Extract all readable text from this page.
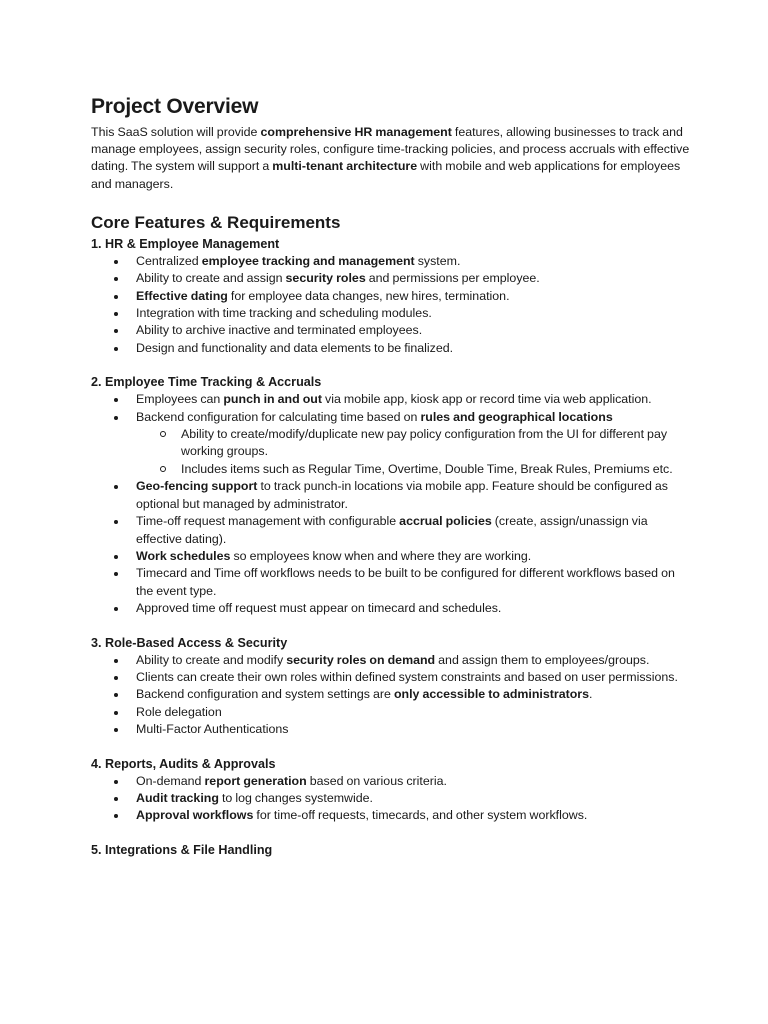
Project Overview

This SaaS solution will provide comprehensive HR management features, allowing businesses to track and manage employees, assign security roles, configure time-tracking policies, and process accruals with effective dating. The system will support a multi-tenant architecture with mobile and web applications for employees and managers.

Core Features & Requirements
1. HR & Employee Management
Centralized employee tracking and management system.
Ability to create and assign security roles and permissions per employee.
Effective dating for employee data changes, new hires, termination.
Integration with time tracking and scheduling modules.
Ability to archive inactive and terminated employees.
Design and functionality and data elements to be finalized.
2. Employee Time Tracking & Accruals
Employees can punch in and out via mobile app, kiosk app or record time via web application.
Backend configuration for calculating time based on rules and geographical locations
Ability to create/modify/duplicate new pay policy configuration from the UI for different pay working groups.
Includes items such as Regular Time, Overtime, Double Time, Break Rules, Premiums etc.
Geo-fencing support to track punch-in locations via mobile app. Feature should be configured as optional but managed by administrator.
Time-off request management with configurable accrual policies (create, assign/unassign via effective dating).
Work schedules so employees know when and where they are working.
Timecard and Time off workflows needs to be built to be configured for different workflows based on the event type.
Approved time off request must appear on timecard and schedules.
3. Role-Based Access & Security
Ability to create and modify security roles on demand and assign them to employees/groups.
Clients can create their own roles within defined system constraints and based on user permissions.
Backend configuration and system settings are only accessible to administrators.
Role delegation
Multi-Factor Authentications
4. Reports, Audits & Approvals
On-demand report generation based on various criteria.
Audit tracking to log changes systemwide.
Approval workflows for time-off requests, timecards, and other system workflows.
5. Integrations & File Handling
